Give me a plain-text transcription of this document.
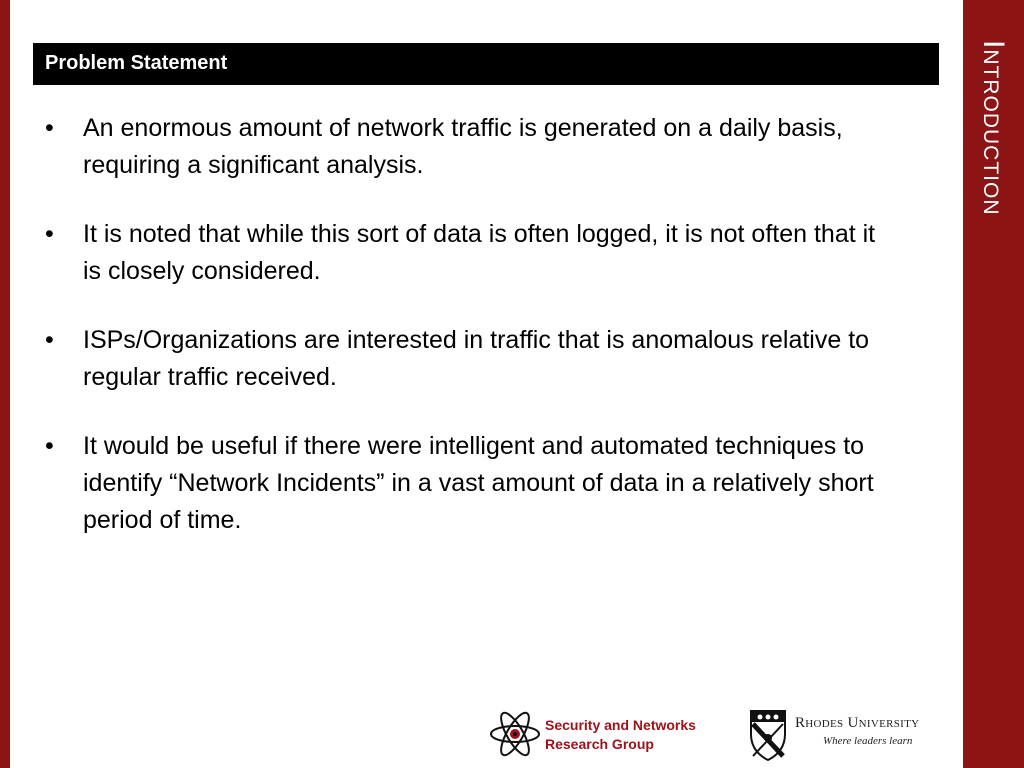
Introduction
Problem Statement
• An enormous amount of network traffic is generated on a daily basis, requiring a significant analysis.
• It is noted that while this sort of data is often logged, it is not often that it is closely considered.
• ISPs/Organizations are interested in traffic that is anomalous relative to regular traffic received.
• It would be useful if there were intelligent and automated techniques to identify “Network Incidents” in a vast amount of data in a relatively short period of time.
Security and Networks
Research Group
Rhodes University
Where leaders learn
